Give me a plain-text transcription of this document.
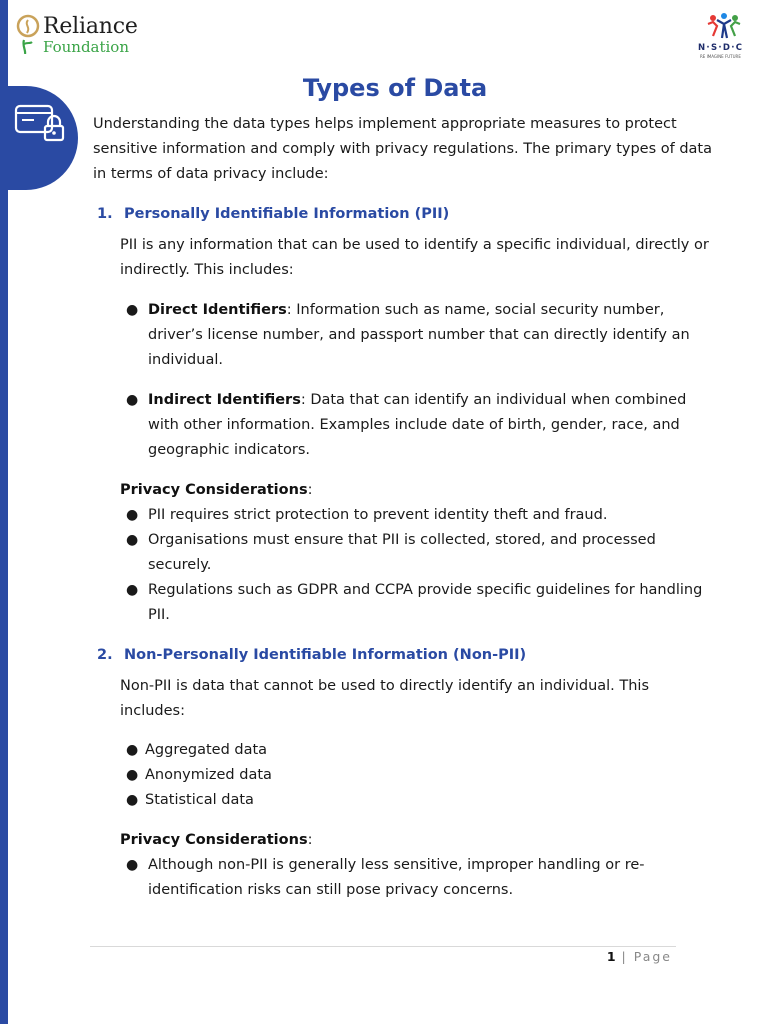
Reliance
Foundation	N·S·D·C
RE IMAGINE FUTURE
Types of Data

Understanding the data types helps implement appropriate measures to protect sensitive information and comply with privacy regulations. The primary types of data in terms of data privacy include:

1. Personally Identifiable Information (PII)

PII is any information that can be used to identify a specific individual, directly or indirectly. This includes:

● Direct Identifiers: Information such as name, social security number, driver’s license number, and passport number that can directly identify an individual.
● Indirect Identifiers: Data that can identify an individual when combined with other information. Examples include date of birth, gender, race, and geographic indicators.

Privacy Considerations:

● PII requires strict protection to prevent identity theft and fraud.
● Organisations must ensure that PII is collected, stored, and processed securely.
● Regulations such as GDPR and CCPA provide specific guidelines for handling PII.

2. Non-Personally Identifiable Information (Non-PII)

Non-PII is data that cannot be used to directly identify an individual. This includes:

● Aggregated data
● Anonymized data
● Statistical data

Privacy Considerations:

● Although non-PII is generally less sensitive, improper handling or re-identification risks can still pose privacy concerns.
1 | Page
